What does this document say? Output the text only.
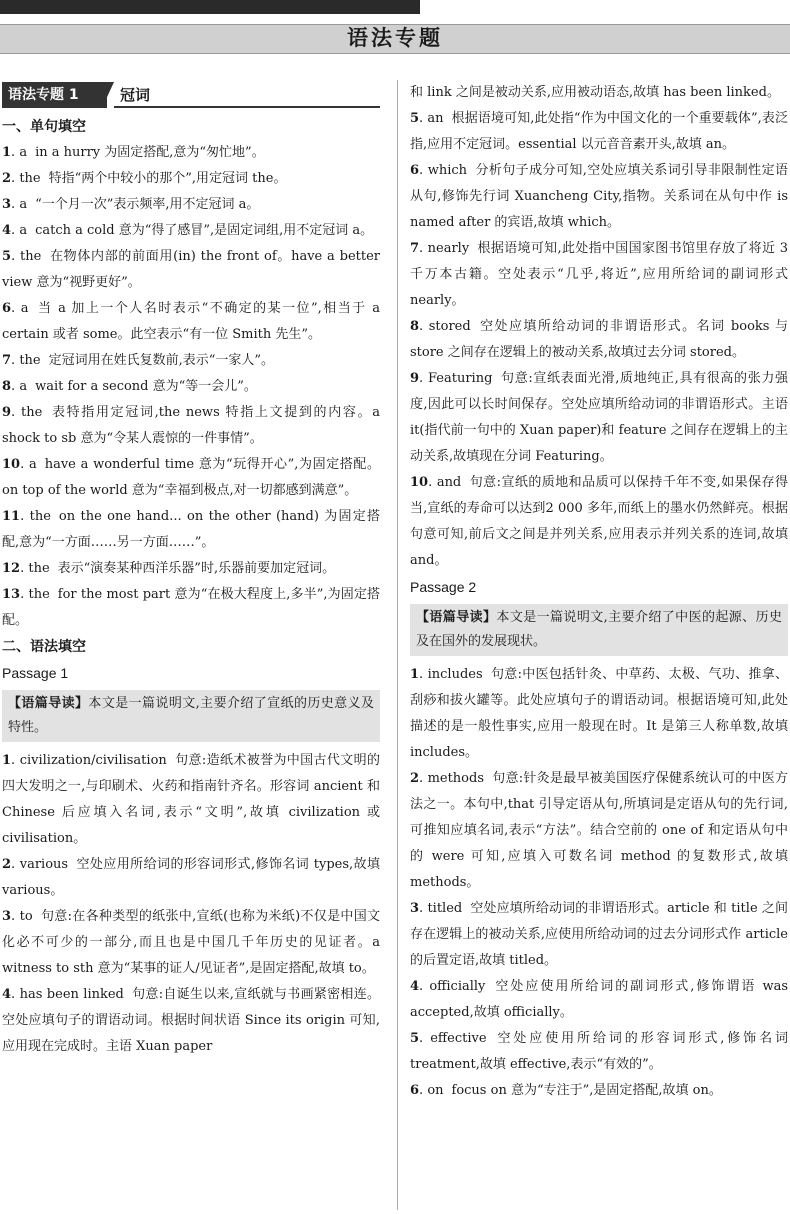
语法专题
语法专题 1	冠词
一、单句填空

1. a in a hurry 为固定搭配,意为“匆忙地”。

2. the 特指“两个中较小的那个”,用定冠词 the。

3. a “一个月一次”表示频率,用不定冠词 a。

4. a catch a cold 意为“得了感冒”,是固定词组,用不定冠词 a。

5. the 在物体内部的前面用(in) the front of。have a better view 意为“视野更好”。

6. a 当 a 加上一个人名时表示“不确定的某一位”,相当于 a certain 或者 some。此空表示“有一位 Smith 先生”。

7. the 定冠词用在姓氏复数前,表示“一家人”。

8. a wait for a second 意为“等一会儿”。

9. the 表特指用定冠词,the news 特指上文提到的内容。a shock to sb 意为“令某人震惊的一件事情”。

10. a have a wonderful time 意为“玩得开心”,为固定搭配。on top of the world 意为“幸福到极点,对一切都感到满意”。

11. the on the one hand... on the other (hand) 为固定搭配,意为“一方面……另一方面……”。

12. the 表示“演奏某种西洋乐器”时,乐器前要加定冠词。

13. the for the most part 意为“在极大程度上,多半”,为固定搭配。

二、语法填空
Passage 1
【语篇导读】本文是一篇说明文,主要介绍了宣纸的历史意义及特性。

1. civilization/civilisation 句意:造纸术被誉为中国古代文明的四大发明之一,与印刷术、火药和指南针齐名。形容词 ancient 和 Chinese 后应填入名词,表示“文明”,故填 civilization 或 civilisation。

2. various 空处应用所给词的形容词形式,修饰名词 types,故填 various。

3. to 句意:在各种类型的纸张中,宣纸(也称为米纸)不仅是中国文化必不可少的一部分,而且也是中国几千年历史的见证者。a witness to sth 意为“某事的证人/见证者”,是固定搭配,故填 to。

4. has been linked 句意:自诞生以来,宣纸就与书画紧密相连。空处应填句子的谓语动词。根据时间状语 Since its origin 可知,应用现在完成时。主语 Xuan paper

和 link 之间是被动关系,应用被动语态,故填 has been linked。

5. an 根据语境可知,此处指“作为中国文化的一个重要载体”,表泛指,应用不定冠词。essential 以元音音素开头,故填 an。

6. which 分析句子成分可知,空处应填关系词引导非限制性定语从句,修饰先行词 Xuancheng City,指物。关系词在从句中作 is named after 的宾语,故填 which。

7. nearly 根据语境可知,此处指中国国家图书馆里存放了将近 3 千万本古籍。空处表示“几乎,将近”,应用所给词的副词形式 nearly。

8. stored 空处应填所给动词的非谓语形式。名词 books 与 store 之间存在逻辑上的被动关系,故填过去分词 stored。

9. Featuring 句意:宣纸表面光滑,质地纯正,具有很高的张力强度,因此可以长时间保存。空处应填所给动词的非谓语形式。主语 it(指代前一句中的 Xuan paper)和 feature 之间存在逻辑上的主动关系,故填现在分词 Featuring。

10. and 句意:宣纸的质地和品质可以保持千年不变,如果保存得当,宣纸的寿命可以达到2 000 多年,而纸上的墨水仍然鲜亮。根据句意可知,前后文之间是并列关系,应用表示并列关系的连词,故填 and。

Passage 2
【语篇导读】本文是一篇说明文,主要介绍了中医的起源、历史及在国外的发展现状。

1. includes 句意:中医包括针灸、中草药、太极、气功、推拿、刮痧和拔火罐等。此处应填句子的谓语动词。根据语境可知,此处描述的是一般性事实,应用一般现在时。It 是第三人称单数,故填 includes。

2. methods 句意:针灸是最早被美国医疗保健系统认可的中医方法之一。本句中,that 引导定语从句,所填词是定语从句的先行词,可推知应填名词,表示“方法”。结合空前的 one of 和定语从句中的 were 可知,应填入可数名词 method 的复数形式,故填 methods。

3. titled 空处应填所给动词的非谓语形式。article 和 title 之间存在逻辑上的被动关系,应使用所给动词的过去分词形式作 article 的后置定语,故填 titled。

4. officially 空处应使用所给词的副词形式,修饰谓语 was accepted,故填 officially。

5. effective 空处应使用所给词的形容词形式,修饰名词 treatment,故填 effective,表示“有效的”。

6. on focus on 意为“专注于”,是固定搭配,故填 on。
